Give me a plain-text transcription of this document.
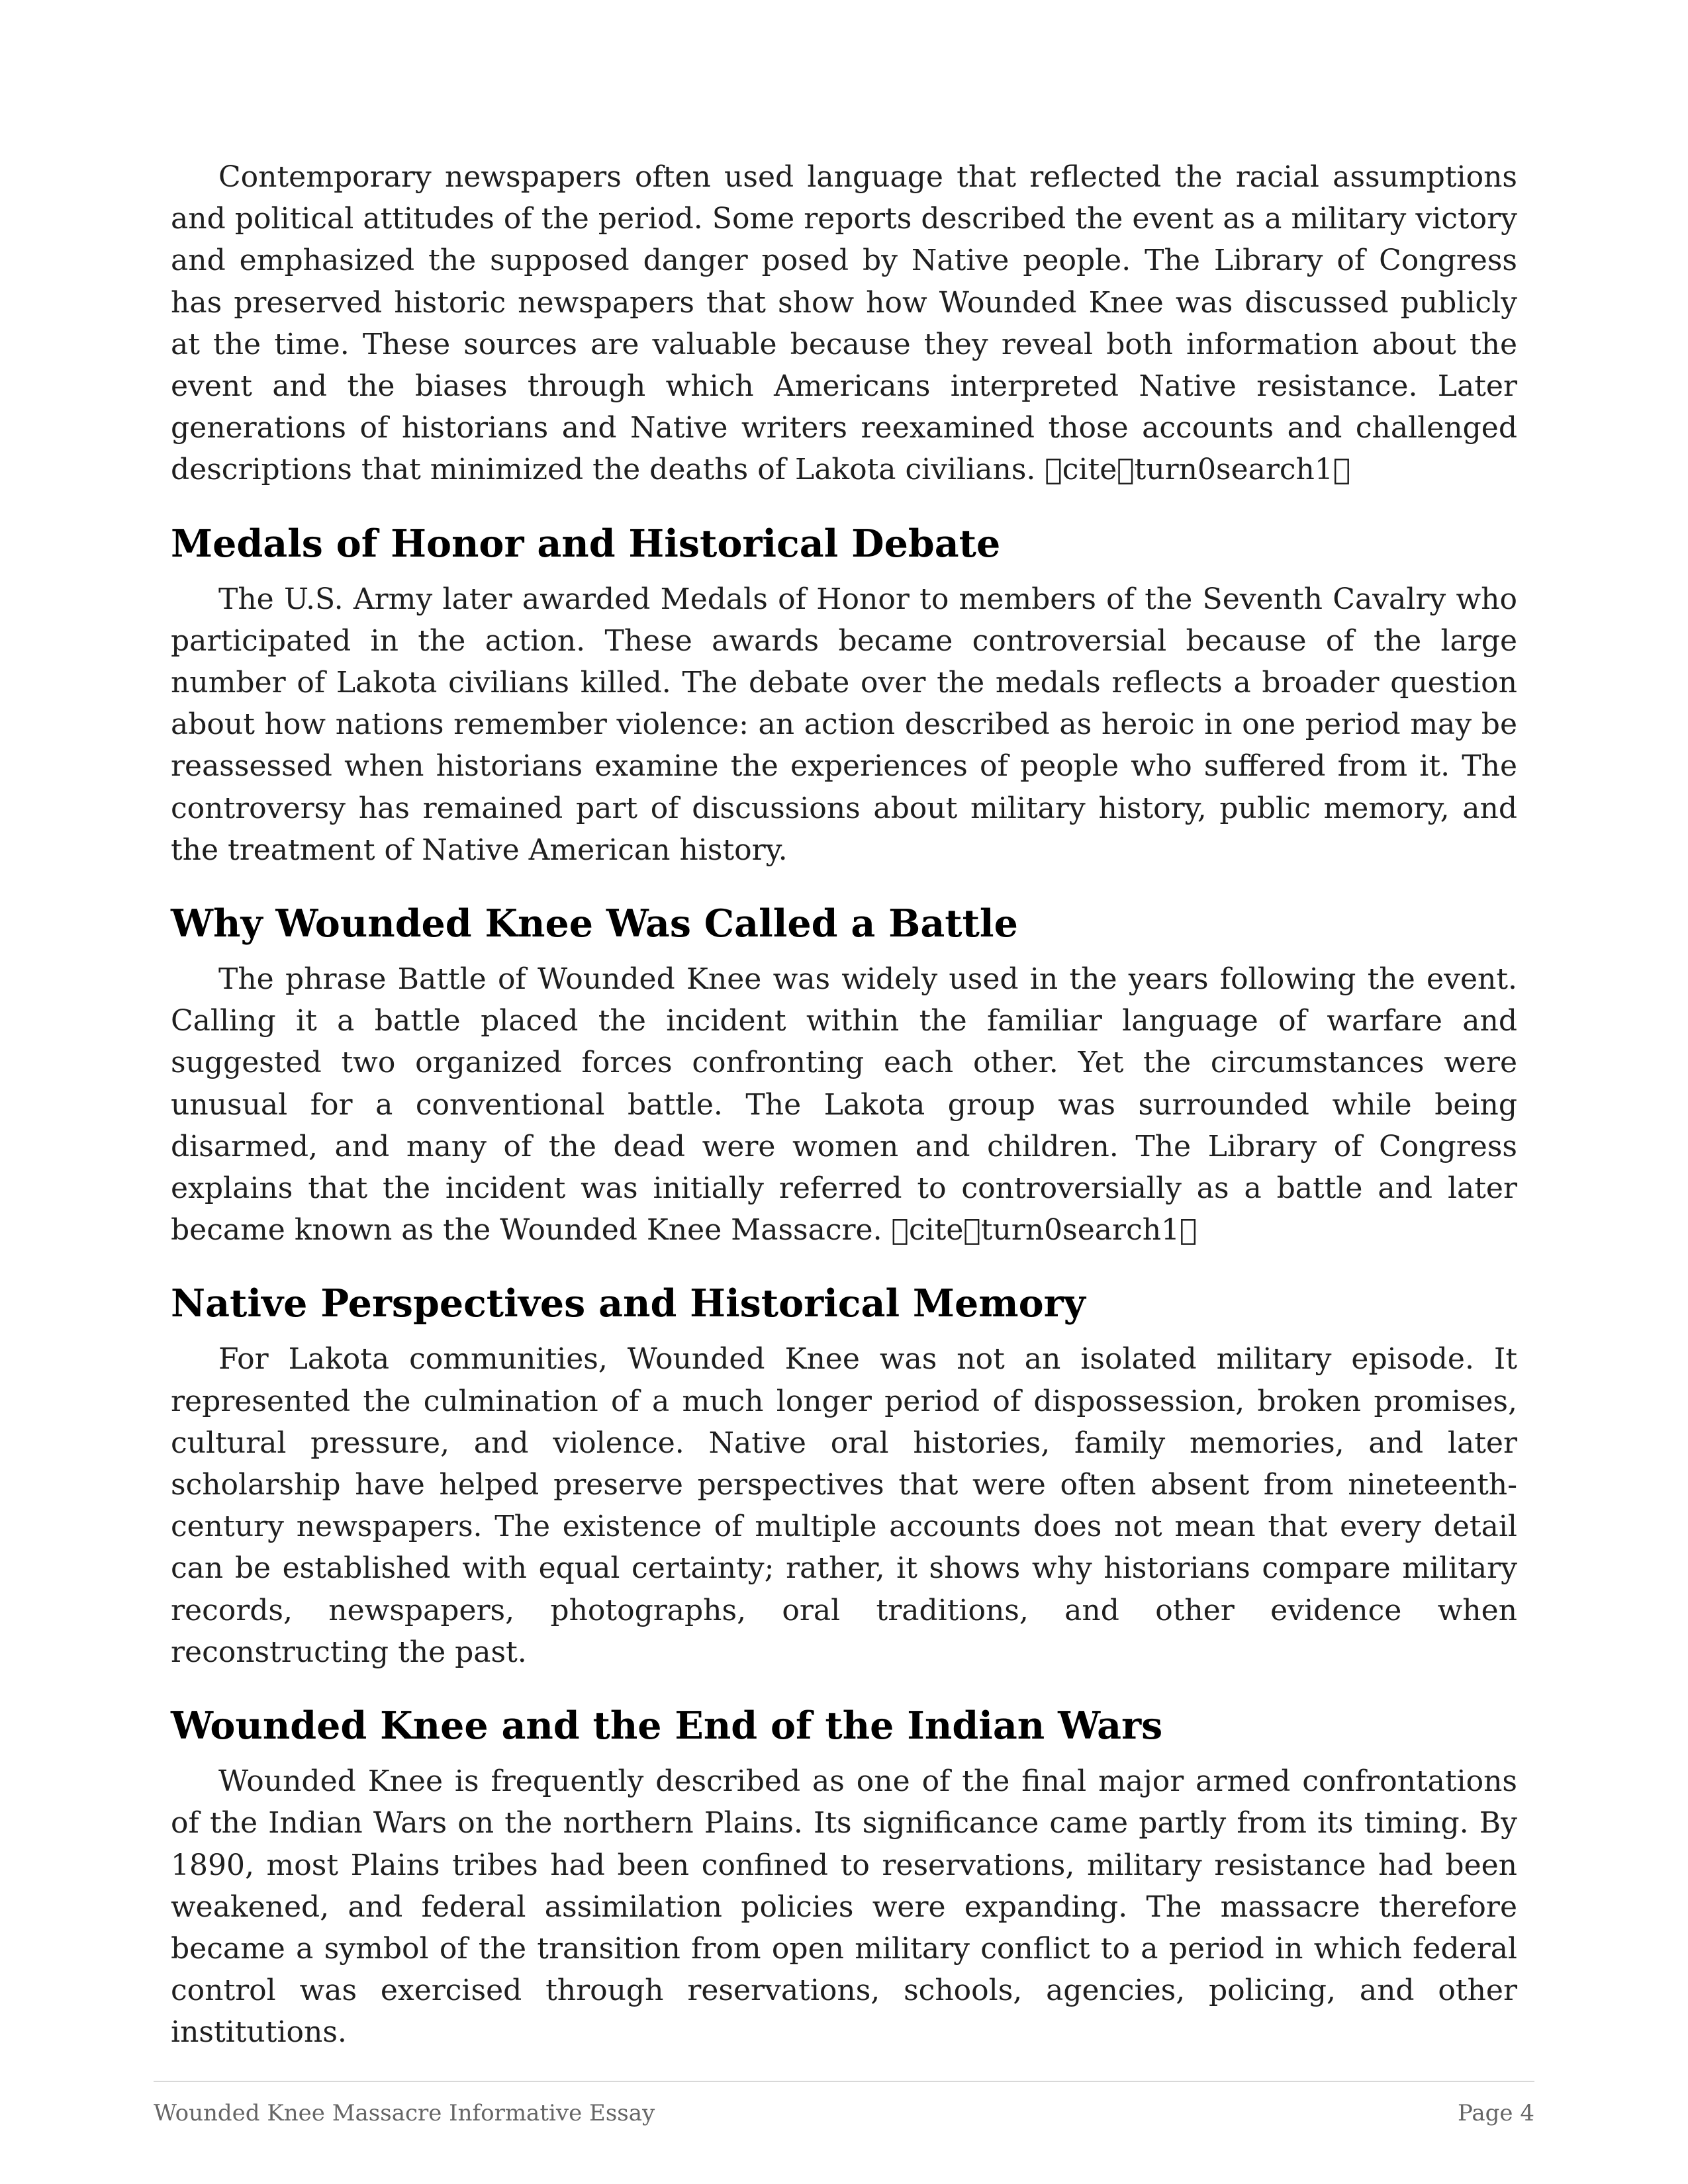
Contemporary newspapers often used language that reflected the racial assumptions and political attitudes of the period. Some reports described the event as a military victory and emphasized the supposed danger posed by Native people. The Library of Congress has preserved historic newspapers that show how Wounded Knee was discussed publicly at the time. These sources are valuable because they reveal both information about the event and the biases through which Americans interpreted Native resistance. Later generations of historians and Native writers reexamined those accounts and challenged descriptions that minimized the deaths of Lakota civilians. cite turn0search1

Medals of Honor and Historical Debate

The U.S. Army later awarded Medals of Honor to members of the Seventh Cavalry who participated in the action. These awards became controversial because of the large number of Lakota civilians killed. The debate over the medals reflects a broader question about how nations remember violence: an action described as heroic in one period may be reassessed when historians examine the experiences of people who suffered from it. The controversy has remained part of discussions about military history, public memory, and the treatment of Native American history.

Why Wounded Knee Was Called a Battle

The phrase Battle of Wounded Knee was widely used in the years following the event. Calling it a battle placed the incident within the familiar language of warfare and suggested two organized forces confronting each other. Yet the circumstances were unusual for a conventional battle. The Lakota group was surrounded while being disarmed, and many of the dead were women and children. The Library of Congress explains that the incident was initially referred to controversially as a battle and later became known as the Wounded Knee Massacre. cite turn0search1

Native Perspectives and Historical Memory

For Lakota communities, Wounded Knee was not an isolated military episode. It represented the culmination of a much longer period of dispossession, broken promises, cultural pressure, and violence. Native oral histories, family memories, and later scholarship have helped preserve perspectives that were often absent from nineteenth-century newspapers. The existence of multiple accounts does not mean that every detail can be established with equal certainty; rather, it shows why historians compare military records, newspapers, photographs, oral traditions, and other evidence when reconstructing the past.

Wounded Knee and the End of the Indian Wars

Wounded Knee is frequently described as one of the final major armed confrontations of the Indian Wars on the northern Plains. Its significance came partly from its timing. By 1890, most Plains tribes had been confined to reservations, military resistance had been weakened, and federal assimilation policies were expanding. The massacre therefore became a symbol of the transition from open military conflict to a period in which federal control was exercised through reservations, schools, agencies, policing, and other institutions.

Wounded Knee Massacre Informative Essay	Page 4
